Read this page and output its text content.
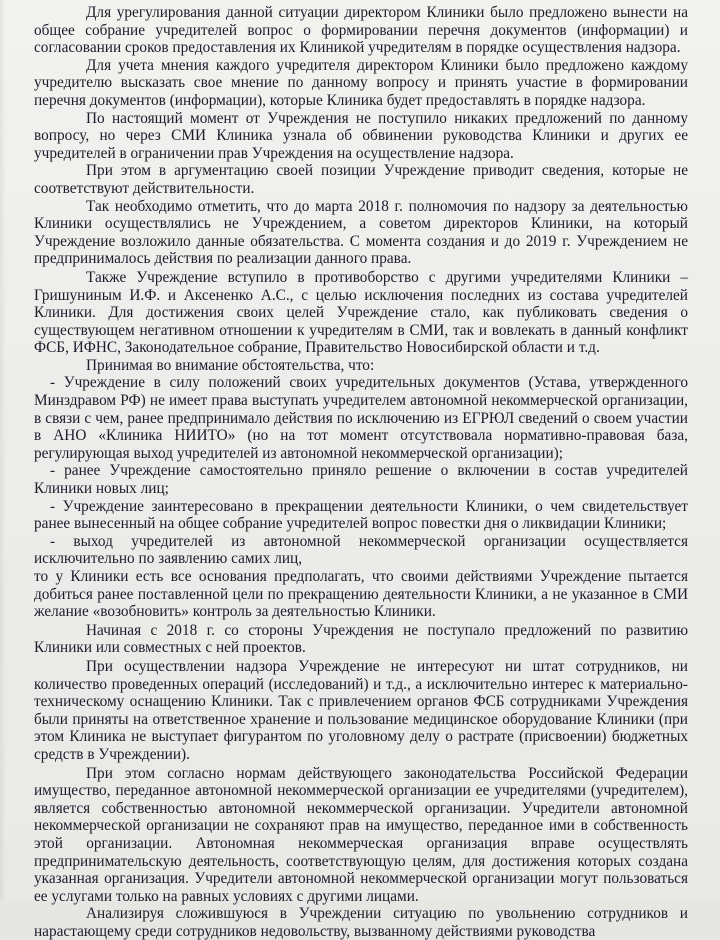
Для урегулирования данной ситуации директором Клиники было предложено вынести на общее собрание учредителей вопрос о формировании перечня документов (информации) и согласовании сроков предоставления их Клиникой учредителям в порядке осуществления надзора.

Для учета мнения каждого учредителя директором Клиники было предложено каждому учредителю высказать свое мнение по данному вопросу и принять участие в формировании перечня документов (информации), которые Клиника будет предоставлять в порядке надзора.

По настоящий момент от Учреждения не поступило никаких предложений по данному вопросу, но через СМИ Клиника узнала об обвинении руководства Клиники и других ее учредителей в ограничении прав Учреждения на осуществление надзора.

При этом в аргументацию своей позиции Учреждение приводит сведения, которые не соответствуют действительности.

Так необходимо отметить, что до марта 2018 г. полномочия по надзору за деятельностью Клиники осуществлялись не Учреждением, а советом директоров Клиники, на который Учреждение возложило данные обязательства. С момента создания и до 2019 г. Учреждением не предпринималось действия по реализации данного права.

Также Учреждение вступило в противоборство с другими учредителями Клиники – Гришуниным И.Ф. и Аксененко А.С., с целью исключения последних из состава учредителей Клиники. Для достижения своих целей Учреждение стало, как публиковать сведения о существующем негативном отношении к учредителям в СМИ, так и вовлекать в данный конфликт ФСБ, ИФНС, Законодательное собрание, Правительство Новосибирской области и т.д.

Принимая во внимание обстоятельства, что:

- Учреждение в силу положений своих учредительных документов (Устава, утвержденного Минздравом РФ) не имеет права выступать учредителем автономной некоммерческой организации, в связи с чем, ранее предпринимало действия по исключению из ЕГРЮЛ сведений о своем участии в АНО «Клиника НИИТО» (но на тот момент отсутствовала нормативно-правовая база, регулирующая выход учредителей из автономной некоммерческой организации);

- ранее Учреждение самостоятельно приняло решение о включении в состав учредителей Клиники новых лиц;

- Учреждение заинтересовано в прекращении деятельности Клиники, о чем свидетельствует ранее вынесенный на общее собрание учредителей вопрос повестки дня о ликвидации Клиники;

- выход учредителей из автономной некоммерческой организации осуществляется исключительно по заявлению самих лиц,

то у Клиники есть все основания предполагать, что своими действиями Учреждение пытается добиться ранее поставленной цели по прекращению деятельности Клиники, а не указанное в СМИ желание «возобновить» контроль за деятельностью Клиники.

Начиная с 2018 г. со стороны Учреждения не поступало предложений по развитию Клиники или совместных с ней проектов.

При осуществлении надзора Учреждение не интересуют ни штат сотрудников, ни количество проведенных операций (исследований) и т.д., а исключительно интерес к материально-техническому оснащению Клиники. Так с привлечением органов ФСБ сотрудниками Учреждения были приняты на ответственное хранение и пользование медицинское оборудование Клиники (при этом Клиника не выступает фигурантом по уголовному делу о растрате (присвоении) бюджетных средств в Учреждении).

При этом согласно нормам действующего законодательства Российской Федерации имущество, переданное автономной некоммерческой организации ее учредителями (учредителем), является собственностью автономной некоммерческой организации. Учредители автономной некоммерческой организации не сохраняют прав на имущество, переданное ими в собственность этой организации. Автономная некоммерческая организация вправе осуществлять предпринимательскую деятельность, соответствующую целям, для достижения которых создана указанная организация. Учредители автономной некоммерческой организации могут пользоваться ее услугами только на равных условиях с другими лицами.

Анализируя сложившуюся в Учреждении ситуацию по увольнению сотрудников и нарастающему среди сотрудников недовольству, вызванному действиями руководства
